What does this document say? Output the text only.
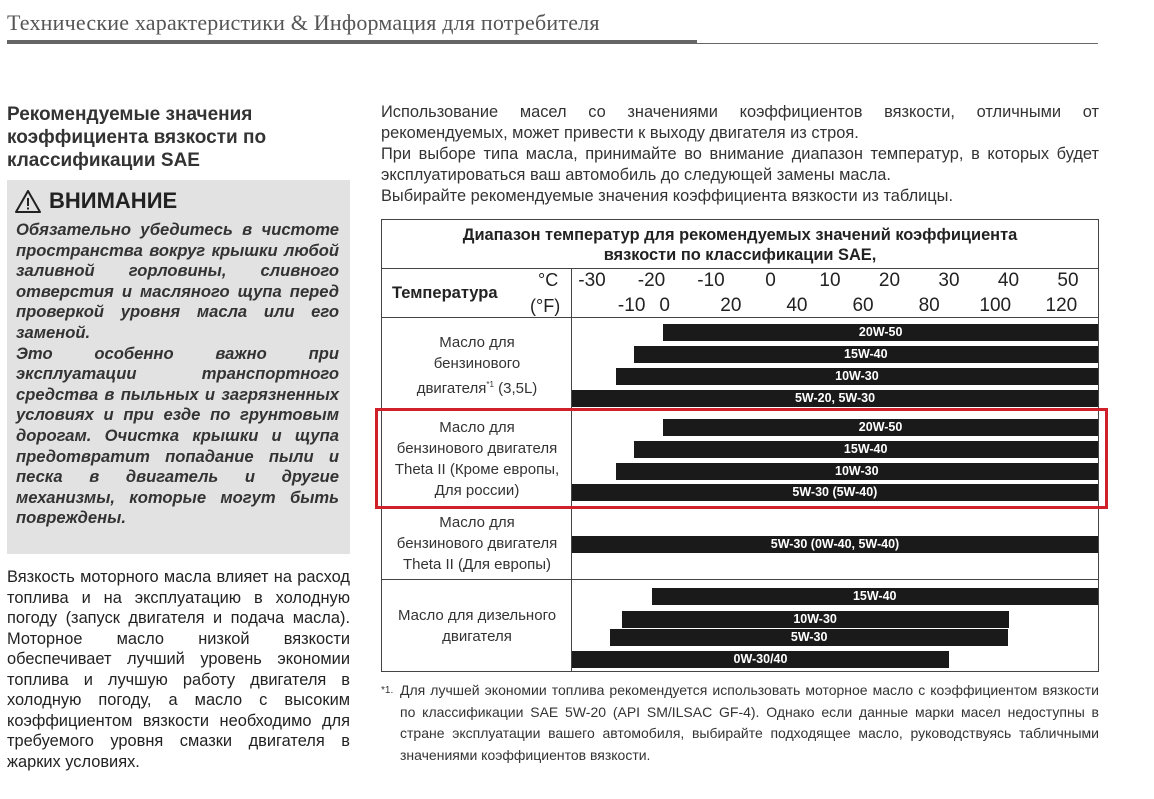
Технические характеристики & Информация для потребителя
Рекомендуемые значения коэффициента вязкости по классификации SAE
ВНИМАНИЕ

Обязательно убедитесь в чистоте пространства вокруг крышки любой заливной горловины, сливного отверстия и масляного щупа перед проверкой уровня масла или его заменой.

Это особенно важно при эксплуатации транспортного средства в пыльных и загрязненных условиях и при езде по грунтовым дорогам. Очистка крышки и щупа предотвратит попадание пыли и песка в двигатель и другие механизмы, которые могут быть повреждены.

Вязкость моторного масла влияет на расход топлива и на эксплуатацию в холодную погоду (запуск двигателя и подача масла). Моторное масло низкой вязкости обеспечивает лучший уровень экономии топлива и лучшую работу двигателя в холодную погоду, а масло с высоким коэффициентом вязкости необходимо для требуемого уровня смазки двигателя в жарких условиях.

Использование масел со значениями коэффициентов вязкости, отличными от рекомендуемых, может привести к выходу двигателя из строя.

При выборе типа масла, принимайте во внимание диапазон температур, в которых будет эксплуатироваться ваш автомобиль до следующей замены масла.

Выбирайте рекомендуемые значения коэффициента вязкости из таблицы.

Диапазон температур для рекомендуемых значений коэффициента
вязкости по классификации SAE,
Температура
°C
(°F)
-30 -20 -10 0 10 20 30 40 50
-10 0	20 40 60 80 100 120
Масло для
бензинового
двигателя$^{*1}$ (3,5L)
Масло для
бензинового двигателя
Theta II (Кроме европы,
Для россии)
Масло для
бензинового двигателя
Theta II (Для европы)
Масло для дизельного
двигателя
20W-50
15W-40
10W-30
5W-20, 5W-30
20W-50
15W-40
10W-30
5W-30 (5W-40)
5W-30 (0W-40, 5W-40)
15W-40
10W-30
5W-30
0W-30/40
*1. Для лучшей экономии топлива рекомендуется использовать моторное масло с коэффициентом вязкости по классификации SAE 5W-20 (API SM/ILSAC GF-4). Однако если данные марки масел недоступны в стране эксплуатации вашего автомобиля, выбирайте подходящее масло, руководствуясь табличными значениями коэффициентов вязкости.
